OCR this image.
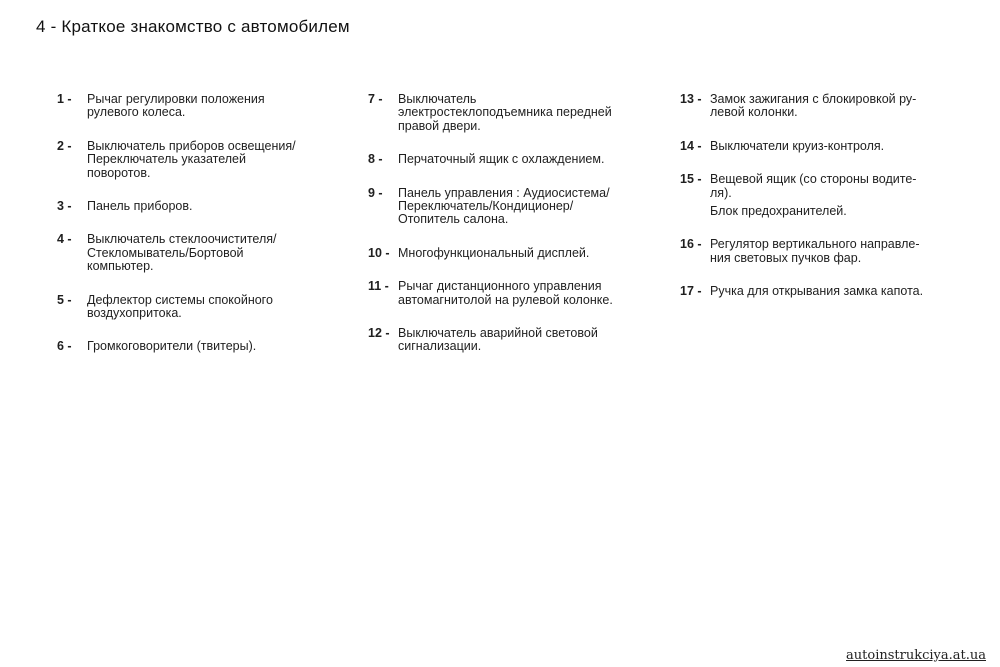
4 - Краткое знакомство с автомобилем
1 -	Рычаг регулировки положения
рулевого колеса.
2 -	Выключатель приборов освещения/
Переключатель указателей
поворотов.
3 -	Панель приборов.
4 -	Выключатель стеклоочистителя/
Стекломыватель/Бортовой
компьютер.
5 -	Дефлектор системы спокойного
воздухопритока.
6 -	Громкоговорители (твитеры).
7 -	Выключатель
электростеклоподъемника передней
правой двери.
8 -	Перчаточный ящик с охлаждением.
9 -	Панель управления : Аудиосистема/
Переключатель/Кондиционер/
Отопитель салона.
10 - Многофункциональный дисплей.
11 - Рычаг дистанционного управления
автомагнитолой на рулевой колонке.
12 - Выключатель аварийной световой
сигнализации.
13 - Замок зажигания с блокировкой ру-
левой колонки.
14 - Выключатели круиз-контроля.
15 - Вещевой ящик (со стороны водите-
ля).
Блок предохранителей.
16 - Регулятор вертикального направле-
ния световых пучков фар.
17 - Ручка для открывания замка капота.
autoinstrukciya.at.ua
